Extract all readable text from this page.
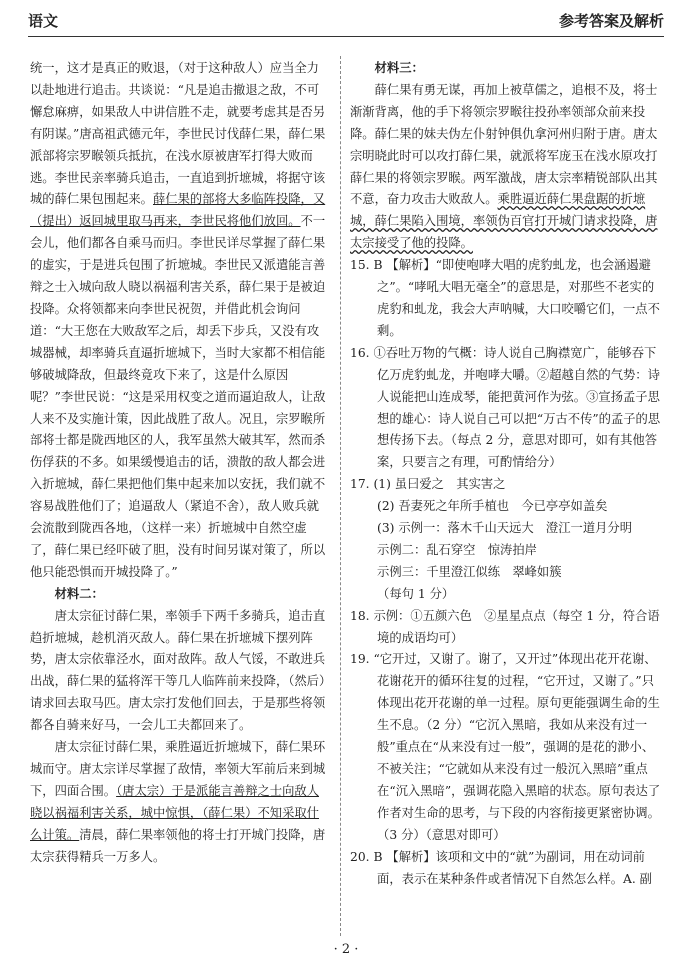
语文	参考答案及解析

统一，这才是真正的败退，（对于这种敌人）应当全力以赴地进行追击。共谈说：“凡是追击撤退之敌，不可懈怠麻痹，如果敌人中讲信胜不走，就要考虑其是否另有阴谋。”唐高祖武德元年，李世民讨伐薛仁果，薛仁果派部将宗罗睺领兵抵抗，在浅水原被唐军打得大败而逃。李世民亲率骑兵追击，一直追到折墌城，将据守该城的薛仁果包围起来。薛仁果的部将大多临阵投降，又（提出）返回城里取马再来，李世民将他们放回。不一会儿，他们都各自乘马而归。李世民详尽掌握了薛仁果的虚实，于是进兵包围了折墌城。李世民又派遣能言善辩之士入城向敌人晓以祸福利害关系，薛仁果于是被迫投降。众将领都来向李世民祝贺，并借此机会询问道：“大王您在大败敌军之后，却丢下步兵，又没有攻城器械，却率骑兵直逼折墌城下，当时大家都不相信能够破城降敌，但最终竟攻下来了，这是什么原因呢？”李世民说：“这是采用权变之道而逼迫敌人，让敌人来不及实施计策，因此战胜了敌人。况且，宗罗睺所部将士都是陇西地区的人，我军虽然大破其军，然而杀伤俘获的不多。如果缓慢追击的话，溃散的敌人都会进入折墌城，薛仁果把他们集中起来加以安抚，我们就不容易战胜他们了；追逼敌人（紧追不舍），敌人败兵就会流散到陇西各地，（这样一来）折墌城中自然空虚了，薛仁果已经吓破了胆，没有时间另谋对策了，所以他只能恐惧而开城投降了。”

材料二：

唐太宗征讨薛仁果，率领手下两千多骑兵，追击直趋折墌城，趁机消灭敌人。薛仁果在折墌城下摆列阵势，唐太宗依靠泾水，面对敌阵。敌人气馁，不敢进兵出战，薛仁果的猛将浑干等几人临阵前来投降，（然后）请求回去取马匹。唐太宗打发他们回去，于是那些将领都各自骑来好马，一会儿工夫都回来了。

唐太宗征讨薛仁果，乘胜逼近折墌城下，薛仁果环城而守。唐太宗详尽掌握了敌情，率领大军前后来到城下，四面合围。（唐太宗）于是派能言善辩之士向敌人晓以祸福利害关系，城中惊惧，（薛仁果）不知采取什么计策。清晨，薛仁果率领他的将士打开城门投降，唐太宗获得精兵一万多人。

材料三：

薛仁果有勇无谋，再加上被草儒之，追根不及，将士渐渐背离，他的手下将领宗罗睺往投孙率领部众前来投降。薛仁果的妹夫伪左仆射钟俱仇拿河州归附于唐。唐太宗明晓此时可以攻打薛仁果，就派将军庞玉在浅水原攻打薛仁果的将领宗罗睺。两军激战，唐太宗率精锐部队出其不意，奋力攻击大败敌人。乘胜逼近薛仁果盘踞的折墌城，薛仁果陷入围境，率领伪百官打开城门请求投降，唐太宗接受了他的投降。

15. B 【解析】“即使咆哮大唱的虎豹虬龙，也会涵遏避之”。“哮吼大唱无毫全”的意思是，对那些不老实的虎豹和虬龙，我会大声呐喊，大口咬嚼它们，一点不剩。

16. ①吞吐万物的气概：诗人说自己胸襟宽广，能够吞下亿万虎豹虬龙，并咆哮大嚼。②超越自然的气势：诗人说能把山连成琴，能把黄河作为弦。③宣扬孟子思想的雄心：诗人说自己可以把“万古不传”的孟子的思想传扬下去。（每点 2 分，意思对即可，如有其他答案，只要言之有理，可酌情给分）

17. (1) 虽曰爱之　其实害之

(2) 吾妻死之年所手植也　今已亭亭如盖矣

(3) 示例一：落木千山天远大　澄江一道月分明

示例二：乱石穿空　惊涛拍岸

示例三：千里澄江似练　翠峰如簇

（每句 1 分）

18. 示例：①五颜六色　②星星点点（每空 1 分，符合语境的成语均可）

19. “它开过，又谢了。谢了，又开过”体现出花开花谢、花谢花开的循环往复的过程，“它开过，又谢了。”只体现出花开花谢的单一过程。原句更能强调生命的生生不息。（2 分）“它沉入黑暗，我如从来没有过一般”重点在“从来没有过一般”，强调的是花的渺小、不被关注；“它就如从来没有过一般沉入黑暗”重点在“沉入黑暗”，强调花隐入黑暗的状态。原句表达了作者对生命的思考，与下段的内容衔接更紧密协调。（3 分）（意思对即可）

20. B 【解析】该项和文中的“就”为副词，用在动词前面，表示在某种条件或者情况下自然怎么样。A. 副

· 2 ·
